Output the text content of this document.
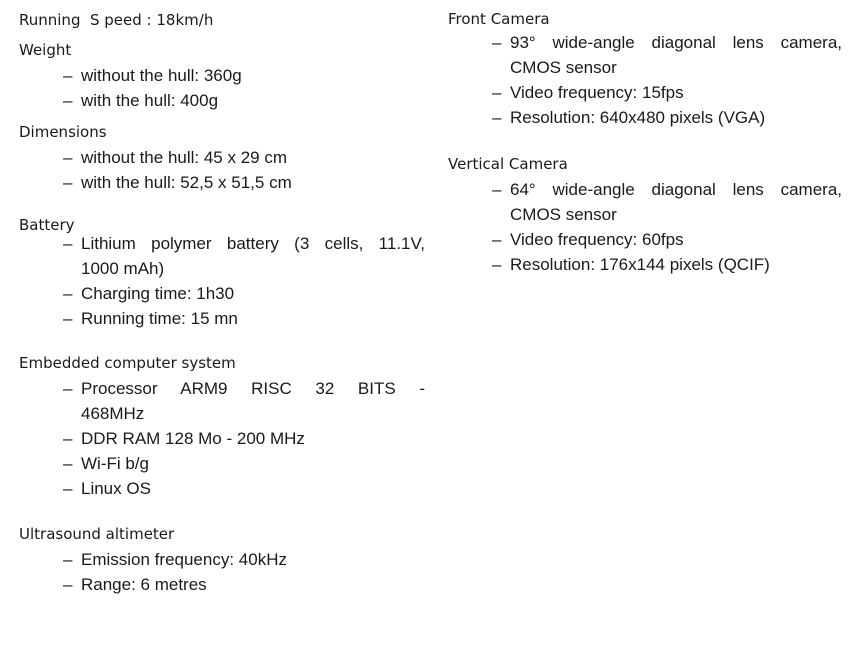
Running  S peed : 18km/h
Weight
– without the hull: 360g
– with the hull: 400g
Dimensions
– without the hull: 45 x 29 cm
– with the hull: 52,5 x 51,5 cm
Battery
– Lithium polymer battery (3 cells, 11.1V,
1000 mAh)
– Charging time: 1h30
– Running time: 15 mn
Embedded computer system
– Processor ARM9 RISC 32 BITS -
468MHz
– DDR RAM 128 Mo - 200 MHz
– Wi-Fi b/g
– Linux OS
Ultrasound altimeter
– Emission frequency: 40kHz
– Range: 6 metres
Front Camera
– 93° wide-angle diagonal lens camera,
CMOS sensor
– Video frequency: 15fps
– Resolution: 640x480 pixels (VGA)
Vertical Camera
– 64° wide-angle diagonal lens camera,
CMOS sensor
– Video frequency: 60fps
– Resolution: 176x144 pixels (QCIF)
